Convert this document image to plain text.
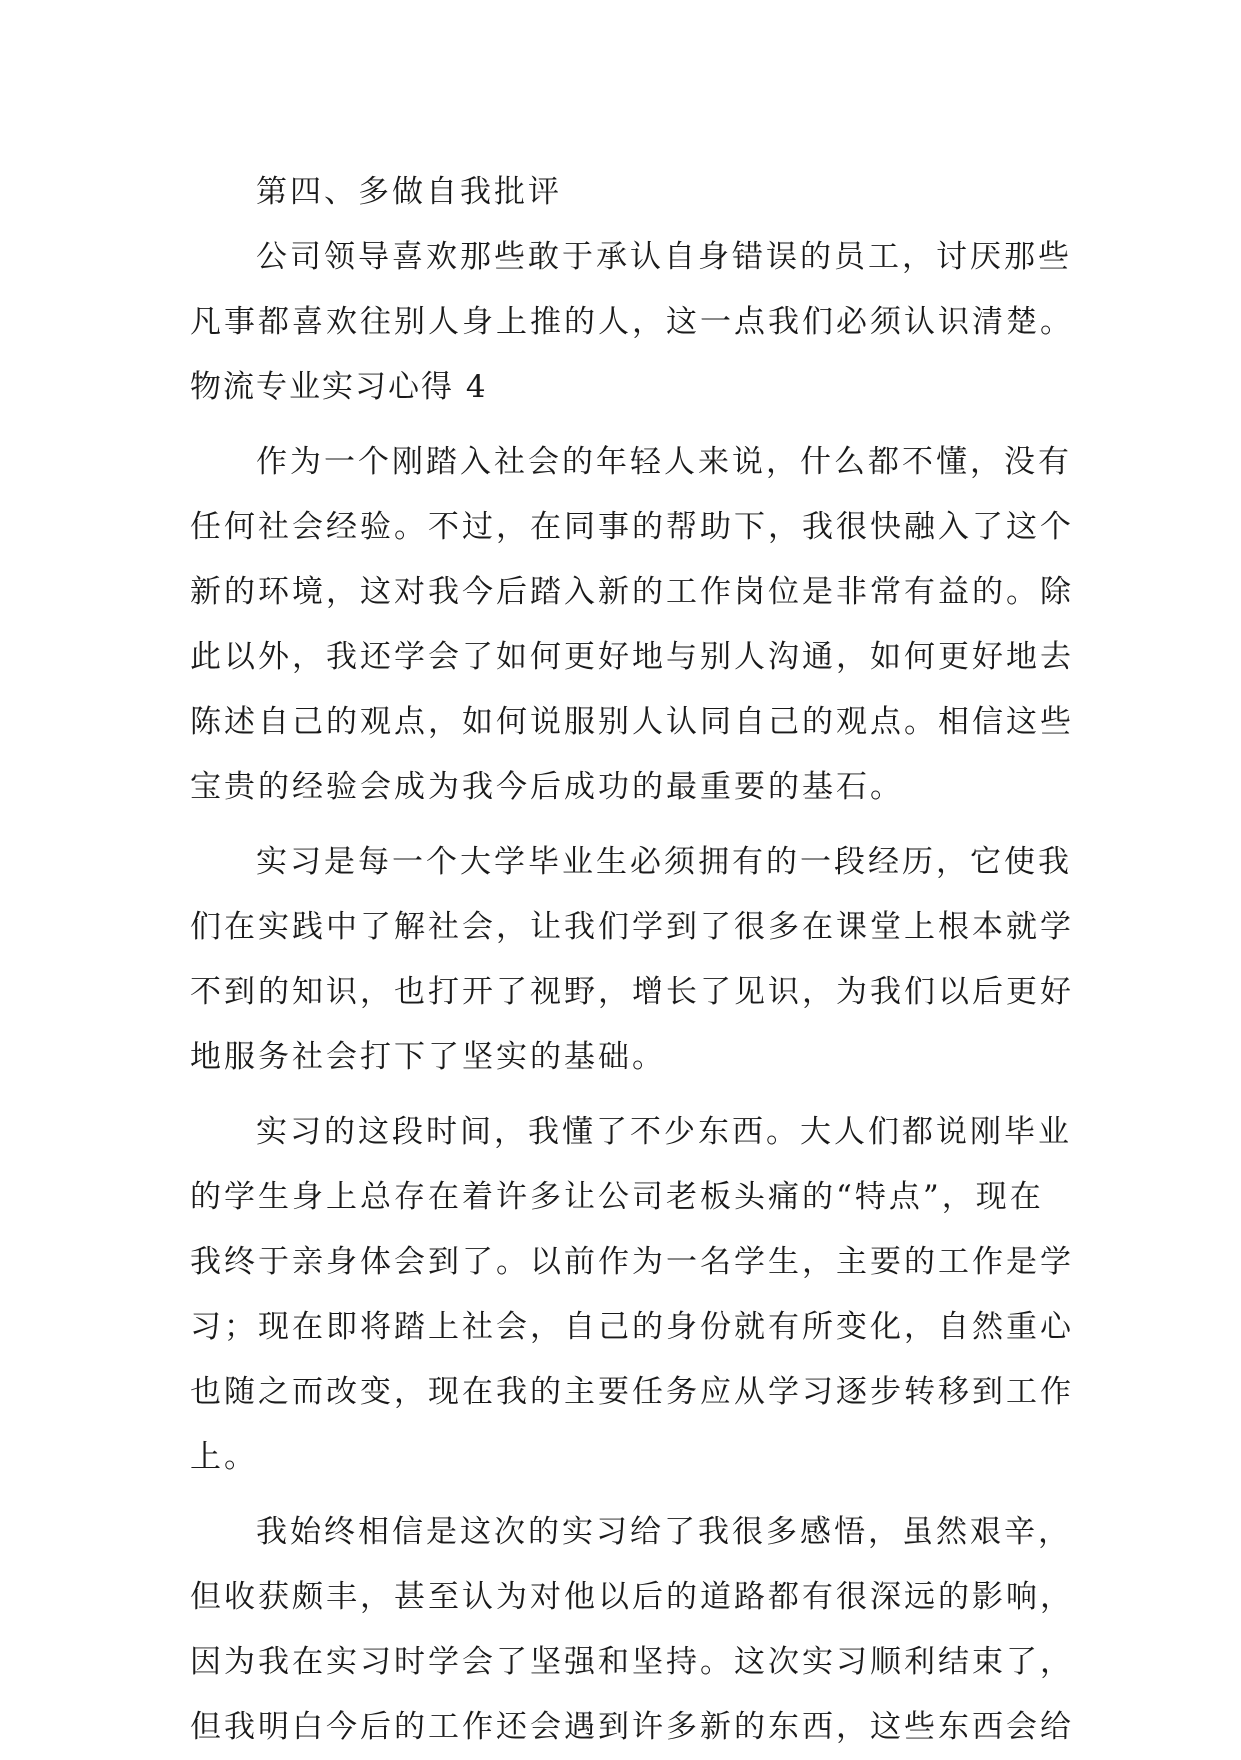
第四、多做自我批评
公司领导喜欢那些敢于承认自身错误的员工，讨厌那些
凡事都喜欢往别人身上推的人，这一点我们必须认识清楚。
物流专业实习心得 4
作为一个刚踏入社会的年轻人来说，什么都不懂，没有
任何社会经验。不过，在同事的帮助下，我很快融入了这个
新的环境，这对我今后踏入新的工作岗位是非常有益的。除
此以外，我还学会了如何更好地与别人沟通，如何更好地去
陈述自己的观点，如何说服别人认同自己的观点。相信这些
宝贵的经验会成为我今后成功的最重要的基石。
实习是每一个大学毕业生必须拥有的一段经历，它使我
们在实践中了解社会，让我们学到了很多在课堂上根本就学
不到的知识，也打开了视野，增长了见识，为我们以后更好
地服务社会打下了坚实的基础。
实习的这段时间，我懂了不少东西。大人们都说刚毕业
的学生身上总存在着许多让公司老板头痛的“特点”，现在
我终于亲身体会到了。以前作为一名学生，主要的工作是学
习；现在即将踏上社会，自己的身份就有所变化，自然重心
也随之而改变，现在我的主要任务应从学习逐步转移到工作
上。
我始终相信是这次的实习给了我很多感悟，虽然艰辛，
但收获颇丰，甚至认为对他以后的道路都有很深远的影响，
因为我在实习时学会了坚强和坚持。这次实习顺利结束了，
但我明白今后的工作还会遇到许多新的东西，这些东西会给
